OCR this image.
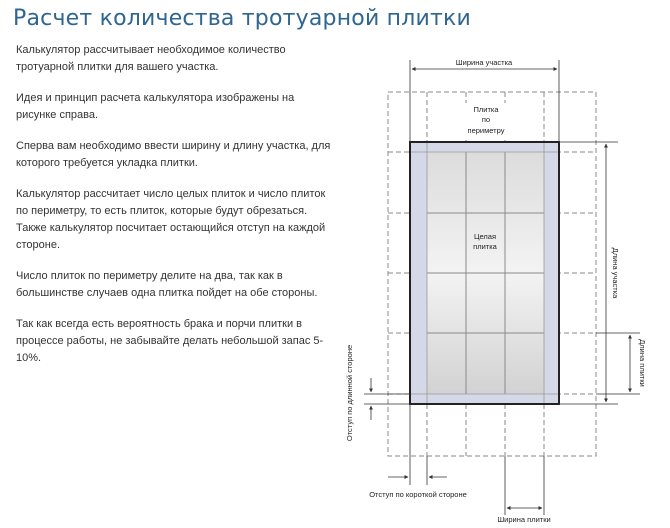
Расчет количества тротуарной плитки

Калькулятор рассчитывает необходимое количество тротуарной плитки для вашего участка.

Идея и принцип расчета калькулятора изображены на рисунке справа.

Сперва вам необходимо ввести ширину и длину участка, для которого требуется укладка плитки.

Калькулятор рассчитает число целых плиток и число плиток по периметру, то есть плиток, которые будут обрезаться. Также калькулятор посчитает остающийся отступ на каждой стороне.

Число плиток по периметру делите на два, так как в большинстве случаев одна плитка пойдет на обе стороны.

Так как всегда есть вероятность брака и порчи плитки в процессе работы, не забывайте делать небольшой запас 5-10%.

Плитка
по
периметру
Целая
плитка
Ширина участка
Длина участка
Длина плитки
Отступ по длинной стороне
Отступ по короткой стороне
Ширина плитки
